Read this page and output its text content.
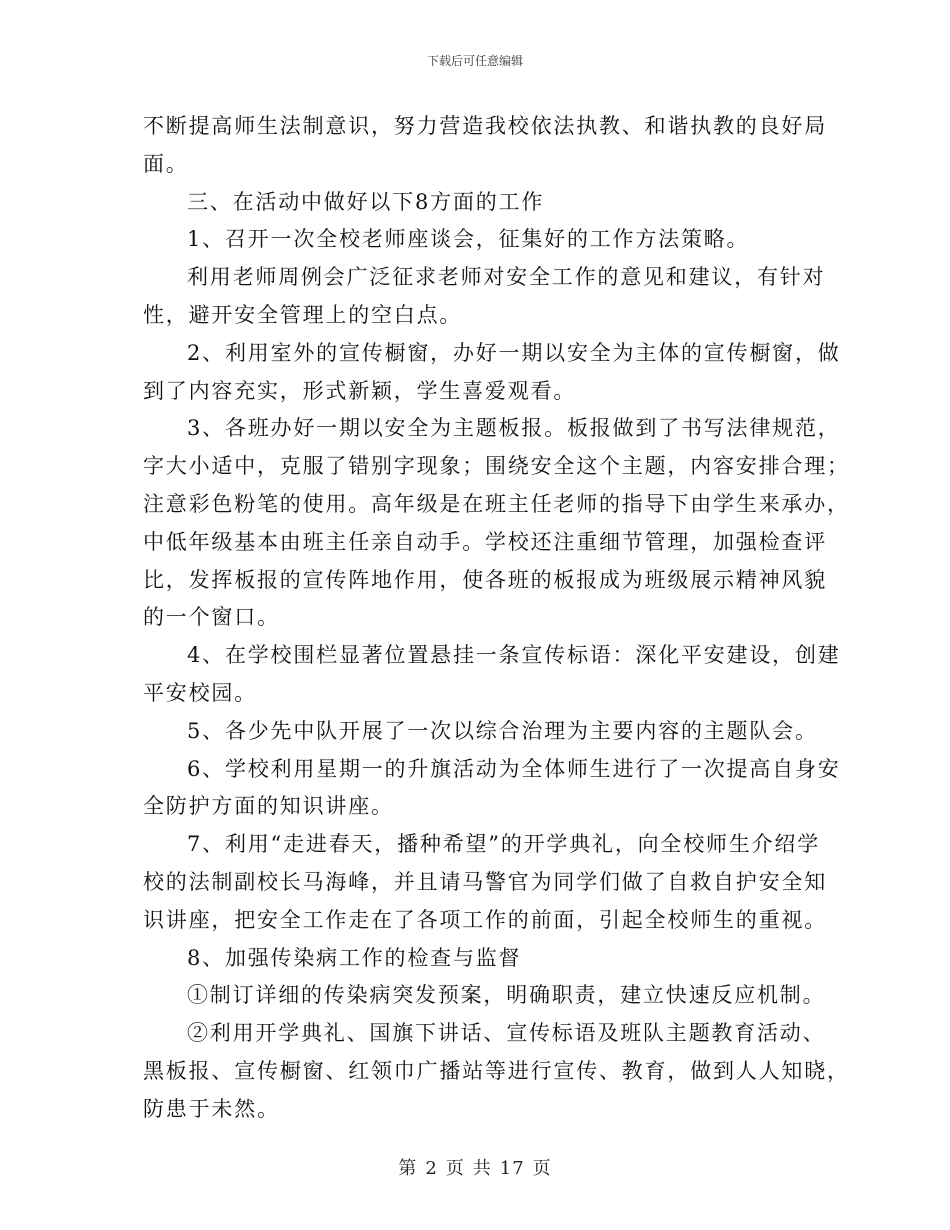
下载后可任意编辑

不断提高师生法制意识，努力营造我校依法执教、和谐执教的良好局

面。

三、在活动中做好以下8方面的工作

1、召开一次全校老师座谈会，征集好的工作方法策略。

利用老师周例会广泛征求老师对安全工作的意见和建议，有针对

性，避开安全管理上的空白点。

2、利用室外的宣传橱窗，办好一期以安全为主体的宣传橱窗，做

到了内容充实，形式新颖，学生喜爱观看。

3、各班办好一期以安全为主题板报。板报做到了书写法律规范，

字大小适中，克服了错别字现象；围绕安全这个主题，内容安排合理；

注意彩色粉笔的使用。高年级是在班主任老师的指导下由学生来承办，

中低年级基本由班主任亲自动手。学校还注重细节管理，加强检查评

比，发挥板报的宣传阵地作用，使各班的板报成为班级展示精神风貌

的一个窗口。

4、在学校围栏显著位置悬挂一条宣传标语：深化平安建设，创建

平安校园。

5、各少先中队开展了一次以综合治理为主要内容的主题队会。

6、学校利用星期一的升旗活动为全体师生进行了一次提高自身安

全防护方面的知识讲座。

7、利用“走进春天，播种希望”的开学典礼，向全校师生介绍学

校的法制副校长马海峰，并且请马警官为同学们做了自救自护安全知

识讲座，把安全工作走在了各项工作的前面，引起全校师生的重视。

8、加强传染病工作的检查与监督

①制订详细的传染病突发预案，明确职责，建立快速反应机制。

②利用开学典礼、国旗下讲话、宣传标语及班队主题教育活动、

黑板报、宣传橱窗、红领巾广播站等进行宣传、教育，做到人人知晓，

防患于未然。

第 2 页 共 17 页
